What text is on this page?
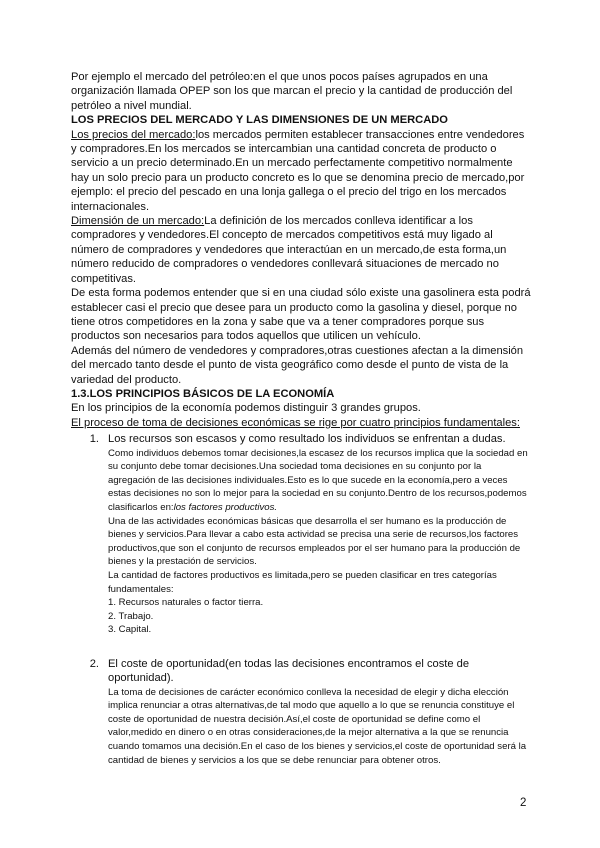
Por ejemplo el mercado del petróleo:en el que unos pocos países agrupados en una organización llamada OPEP son los que marcan el precio y la cantidad de producción del petróleo a nivel mundial.

LOS PRECIOS DEL MERCADO Y LAS DIMENSIONES DE UN MERCADO

Los precios del mercado:los mercados permiten establecer transacciones entre vendedores y compradores.En los mercados se intercambian una cantidad concreta de producto o servicio a un precio determinado.En un mercado perfectamente competitivo normalmente hay un solo precio para un producto concreto es lo que se denomina precio de mercado,por ejemplo: el precio del pescado en una lonja gallega o el precio del trigo en los mercados internacionales.

Dimensión de un mercado:La definición de los mercados conlleva identificar a los compradores y vendedores.El concepto de mercados competitivos está muy ligado al número de compradores y vendedores que interactúan en un mercado,de esta forma,un número reducido de compradores o vendedores conllevará situaciones de mercado no competitivas.

De esta forma podemos entender que si en una ciudad sólo existe una gasolinera esta podrá establecer casi el precio que desee para un producto como la gasolina y diesel, porque no tiene otros competidores en la zona y sabe que va a tener compradores porque sus productos son necesarios para todos aquellos que utilicen un vehículo.

Además del número de vendedores y compradores,otras cuestiones afectan a la dimensión del mercado tanto desde el punto de vista geográfico como desde el punto de vista de la variedad del producto.

1.3.LOS PRINCIPIOS BÁSICOS DE LA ECONOMÍA

En los principios de la economía podemos distinguir 3 grandes grupos.

El proceso de toma de decisiones económicas se rige por cuatro principios fundamentales:

1. Los recursos son escasos y como resultado los individuos se enfrentan a dudas.

Como individuos debemos tomar decisiones,la escasez de los recursos implica que la sociedad en su conjunto debe tomar decisiones.Una sociedad toma decisiones en su conjunto por la agregación de las decisiones individuales.Esto es lo que sucede en la economía,pero a veces estas decisiones no son lo mejor para la sociedad en su conjunto.Dentro de los recursos,podemos clasificarlos en:los factores productivos.

Una de las actividades económicas básicas que desarrolla el ser humano es la producción de bienes y servicios.Para llevar a cabo esta actividad se precisa una serie de recursos,los factores productivos,que son el conjunto de recursos empleados por el ser humano para la producción de bienes y la prestación de servicios.

La cantidad de factores productivos es limitada,pero se pueden clasificar en tres categorías fundamentales:

1. Recursos naturales o factor tierra.

2. Trabajo.

3. Capital.

2. El coste de oportunidad(en todas las decisiones encontramos el coste de oportunidad).

La toma de decisiones de carácter económico conlleva la necesidad de elegir y dicha elección implica renunciar a otras alternativas,de tal modo que aquello a lo que se renuncia constituye el coste de oportunidad de nuestra decisión.Así,el coste de oportunidad se define como el valor,medido en dinero o en otras consideraciones,de la mejor alternativa a la que se renuncia cuando tomamos una decisión.En el caso de los bienes y servicios,el coste de oportunidad será la cantidad de bienes y servicios a los que se debe renunciar para obtener otros.

2
